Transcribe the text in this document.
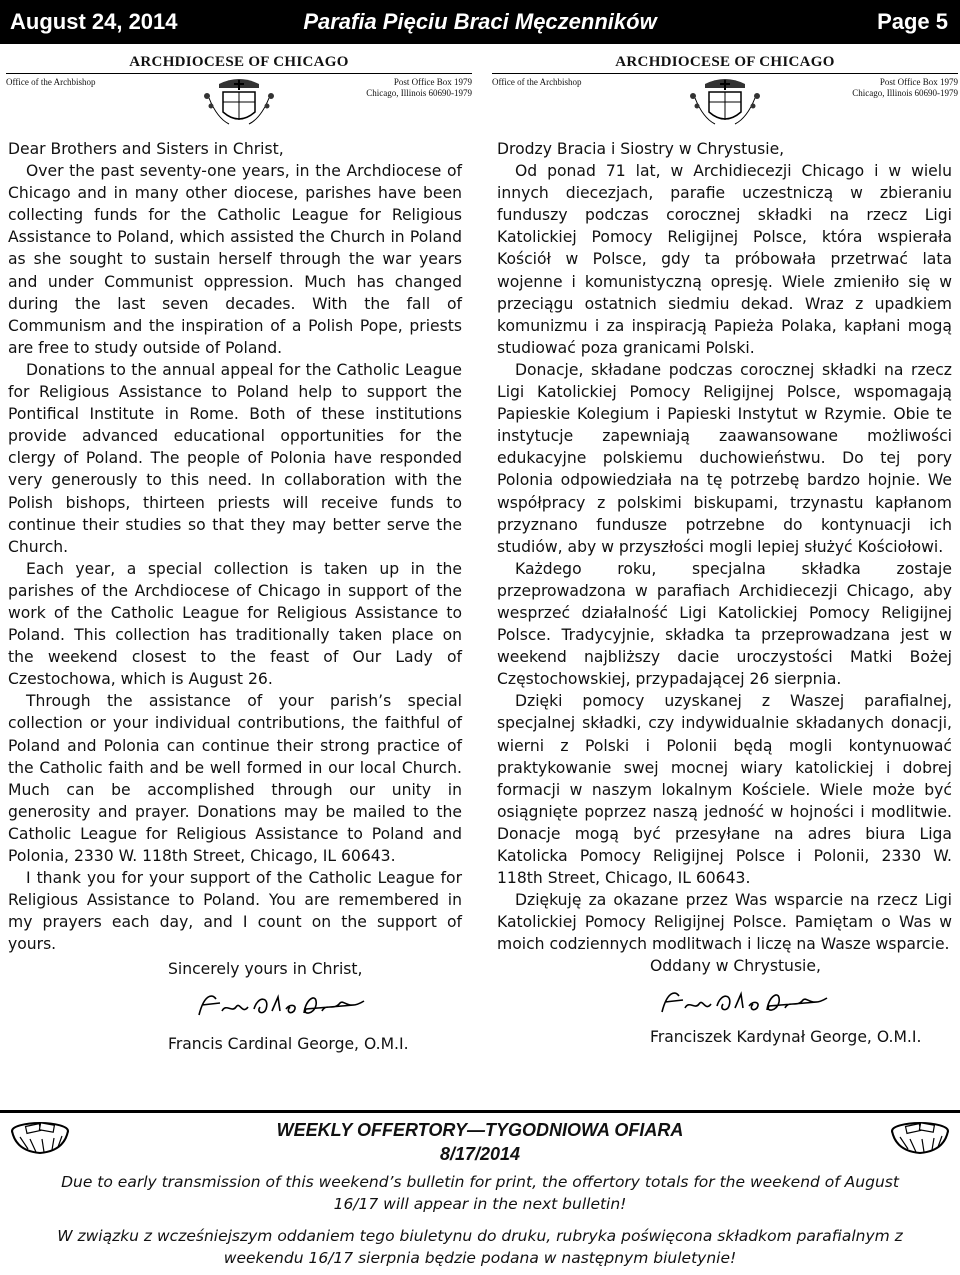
August 24, 2014	Parafia Pięciu Braci Męczenników	Page 5
ARCHDIOCESE OF CHICAGO
Office of the Archbishop	Post Office Box 1979
Chicago, Illinois 60690-1979
ARCHDIOCESE OF CHICAGO
Office of the Archbishop	Post Office Box 1979
Chicago, Illinois 60690-1979

Dear Brothers and Sisters in Christ,

Over the past seventy-one years, in the Archdiocese of Chicago and in many other diocese, parishes have been collecting funds for the Catholic League for Religious Assistance to Poland, which assisted the Church in Poland as she sought to sustain herself through the war years and under Communist oppression. Much has changed during the last seven decades. With the fall of Communism and the inspiration of a Polish Pope, priests are free to study outside of Poland.

Donations to the annual appeal for the Catholic League for Religious Assistance to Poland help to support the Pontifical Institute in Rome. Both of these institutions provide advanced educational opportunities for the clergy of Poland. The people of Polonia have responded very generously to this need. In collaboration with the Polish bishops, thirteen priests will receive funds to continue their studies so that they may better serve the Church.

Each year, a special collection is taken up in the parishes of the Archdiocese of Chicago in support of the work of the Catholic League for Religious Assistance to Poland. This collection has traditionally taken place on the weekend closest to the feast of Our Lady of Czestochowa, which is August 26.

Through the assistance of your parish’s special collection or your individual contributions, the faithful of Poland and Polonia can continue their strong practice of the Catholic faith and be well formed in our local Church. Much can be accomplished through our unity in generosity and prayer. Donations may be mailed to the Catholic League for Religious Assistance to Poland and Polonia, 2330 W. 118th Street, Chicago, IL 60643.

I thank you for your support of the Catholic League for Religious Assistance to Poland. You are remembered in my prayers each day, and I count on the support of yours.

Sincerely yours in Christ,

Francis Cardinal George, O.M.I.

Drodzy Bracia i Siostry w Chrystusie,

Od ponad 71 lat, w Archidiecezji Chicago i w wielu innych diecezjach, parafie uczestniczą w zbieraniu funduszy podczas corocznej składki na rzecz Ligi Katolickiej Pomocy Religijnej Polsce, która wspierała Kościół w Polsce, gdy ta próbowała przetrwać lata wojenne i komunistyczną opresję. Wiele zmieniło się w przeciągu ostatnich siedmiu dekad. Wraz z upadkiem komunizmu i za inspiracją Papieża Polaka, kapłani mogą studiować poza granicami Polski.

Donacje, składane podczas corocznej składki na rzecz Ligi Katolickiej Pomocy Religijnej Polsce, wspomagają Papieskie Kolegium i Papieski Instytut w Rzymie. Obie te instytucje zapewniają zaawansowane możliwości edukacyjne polskiemu duchowieństwu. Do tej pory Polonia odpowiedziała na tę potrzebę bardzo hojnie. We współpracy z polskimi biskupami, trzynastu kapłanom przyznano fundusze potrzebne do kontynuacji ich studiów, aby w przyszłości mogli lepiej służyć Kościołowi.

Każdego roku, specjalna składka zostaje przeprowadzona w parafiach Archidiecezji Chicago, aby wesprzeć działalność Ligi Katolickiej Pomocy Religijnej Polsce. Tradycyjnie, składka ta przeprowadzana jest w weekend najbliższy dacie uroczystości Matki Bożej Częstochowskiej, przypadającej 26 sierpnia.

Dzięki pomocy uzyskanej z Waszej parafialnej, specjalnej składki, czy indywidualnie składanych donacji, wierni z Polski i Polonii będą mogli kontynuować praktykowanie swej mocnej wiary katolickiej i dobrej formacji w naszym lokalnym Kościele. Wiele może być osiągnięte poprzez naszą jedność w hojności i modlitwie. Donacje mogą być przesyłane na adres biura Liga Katolicka Pomocy Religijnej Polsce i Polonii, 2330 W. 118th Street, Chicago, IL 60643.

Dziękuję za okazane przez Was wsparcie na rzecz Ligi Katolickiej Pomocy Religijnej Polsce. Pamiętam o Was w moich codziennych modlitwach i liczę na Wasze wsparcie.

Oddany w Chrystusie,

Franciszek Kardynał George, O.M.I.

WEEKLY OFFERTORY—TYGODNIOWA OFIARA
8/17/2014
Due to early transmission of this weekend’s bulletin for print, the offertory totals for the weekend of August 16/17 will appear in the next bulletin!
W związku z wcześniejszym oddaniem tego biuletynu do druku, rubryka poświęcona składkom parafialnym z weekendu 16/17 sierpnia będzie podana w następnym biuletynie!
